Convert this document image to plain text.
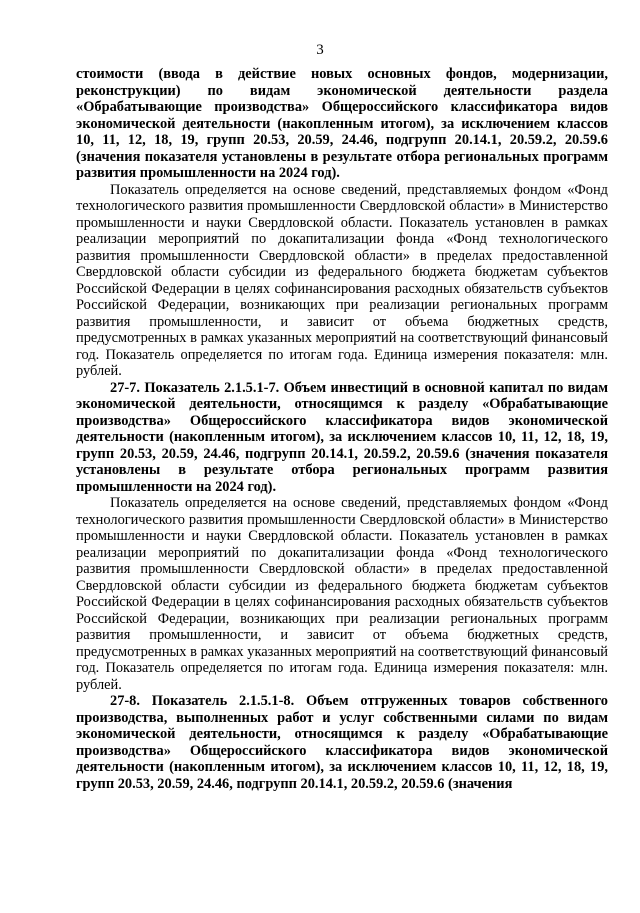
3

стоимости (ввода в действие новых основных фондов, модернизации, реконструкции) по видам экономической деятельности раздела «Обрабатывающие производства» Общероссийского классификатора видов экономической деятельности (накопленным итогом), за исключением классов 10, 11, 12, 18, 19, групп 20.53, 20.59, 24.46, подгрупп 20.14.1, 20.59.2, 20.59.6 (значения показателя установлены в результате отбора региональных программ развития промышленности на 2024 год).

Показатель определяется на основе сведений, представляемых фондом «Фонд технологического развития промышленности Свердловской области» в Министерство промышленности и науки Свердловской области. Показатель установлен в рамках реализации мероприятий по докапитализации фонда «Фонд технологического развития промышленности Свердловской области» в пределах предоставленной Свердловской области субсидии из федерального бюджета бюджетам субъектов Российской Федерации в целях софинансирования расходных обязательств субъектов Российской Федерации, возникающих при реализации региональных программ развития промышленности, и зависит от объема бюджетных средств, предусмотренных в рамках указанных мероприятий на соответствующий финансовый год. Показатель определяется по итогам года. Единица измерения показателя: млн. рублей.

27-7. Показатель 2.1.5.1-7. Объем инвестиций в основной капитал по видам экономической деятельности, относящимся к разделу «Обрабатывающие производства» Общероссийского классификатора видов экономической деятельности (накопленным итогом), за исключением классов 10, 11, 12, 18, 19, групп 20.53, 20.59, 24.46, подгрупп 20.14.1, 20.59.2, 20.59.6 (значения показателя установлены в результате отбора региональных программ развития промышленности на 2024 год).

Показатель определяется на основе сведений, представляемых фондом «Фонд технологического развития промышленности Свердловской области» в Министерство промышленности и науки Свердловской области. Показатель установлен в рамках реализации мероприятий по докапитализации фонда «Фонд технологического развития промышленности Свердловской области» в пределах предоставленной Свердловской области субсидии из федерального бюджета бюджетам субъектов Российской Федерации в целях софинансирования расходных обязательств субъектов Российской Федерации, возникающих при реализации региональных программ развития промышленности, и зависит от объема бюджетных средств, предусмотренных в рамках указанных мероприятий на соответствующий финансовый год. Показатель определяется по итогам года. Единица измерения показателя: млн. рублей.

27-8. Показатель 2.1.5.1-8. Объем отгруженных товаров собственного производства, выполненных работ и услуг собственными силами по видам экономической деятельности, относящимся к разделу «Обрабатывающие производства» Общероссийского классификатора видов экономической деятельности (накопленным итогом), за исключением классов 10, 11, 12, 18, 19, групп 20.53, 20.59, 24.46, подгрупп 20.14.1, 20.59.2, 20.59.6 (значения
